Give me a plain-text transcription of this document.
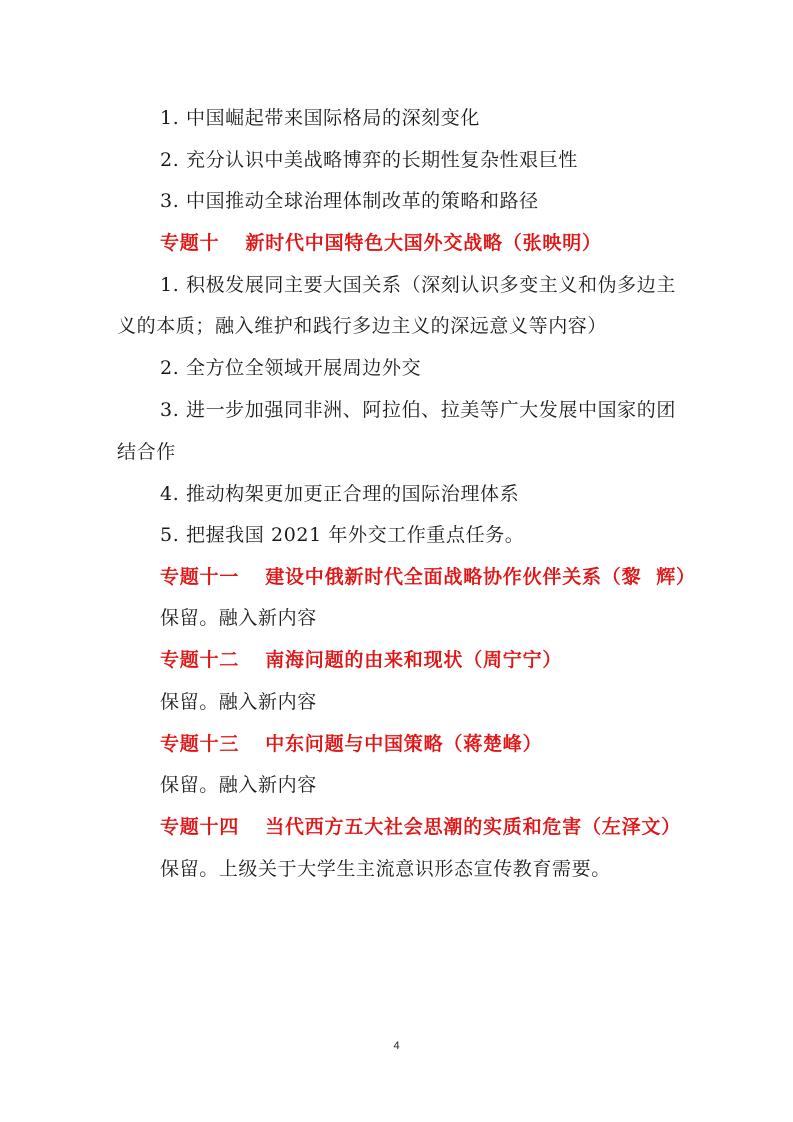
1. 中国崛起带来国际格局的深刻变化
2. 充分认识中美战略博弈的长期性复杂性艰巨性
3. 中国推动全球治理体制改革的策略和路径
专题十 新时代中国特色大国外交战略（张映明）
1. 积极发展同主要大国关系（深刻认识多变主义和伪多边主
义的本质；融入维护和践行多边主义的深远意义等内容）
2. 全方位全领域开展周边外交
3. 进一步加强同非洲、阿拉伯、拉美等广大发展中国家的团
结合作
4. 推动构架更加更正合理的国际治理体系
5. 把握我国 2021 年外交工作重点任务。
专题十一 建设中俄新时代全面战略协作伙伴关系（黎  辉）
保留。融入新内容
专题十二 南海问题的由来和现状（周宁宁）
保留。融入新内容
专题十三 中东问题与中国策略（蒋楚峰）
保留。融入新内容
专题十四 当代西方五大社会思潮的实质和危害（左泽文）
保留。上级关于大学生主流意识形态宣传教育需要。
4
